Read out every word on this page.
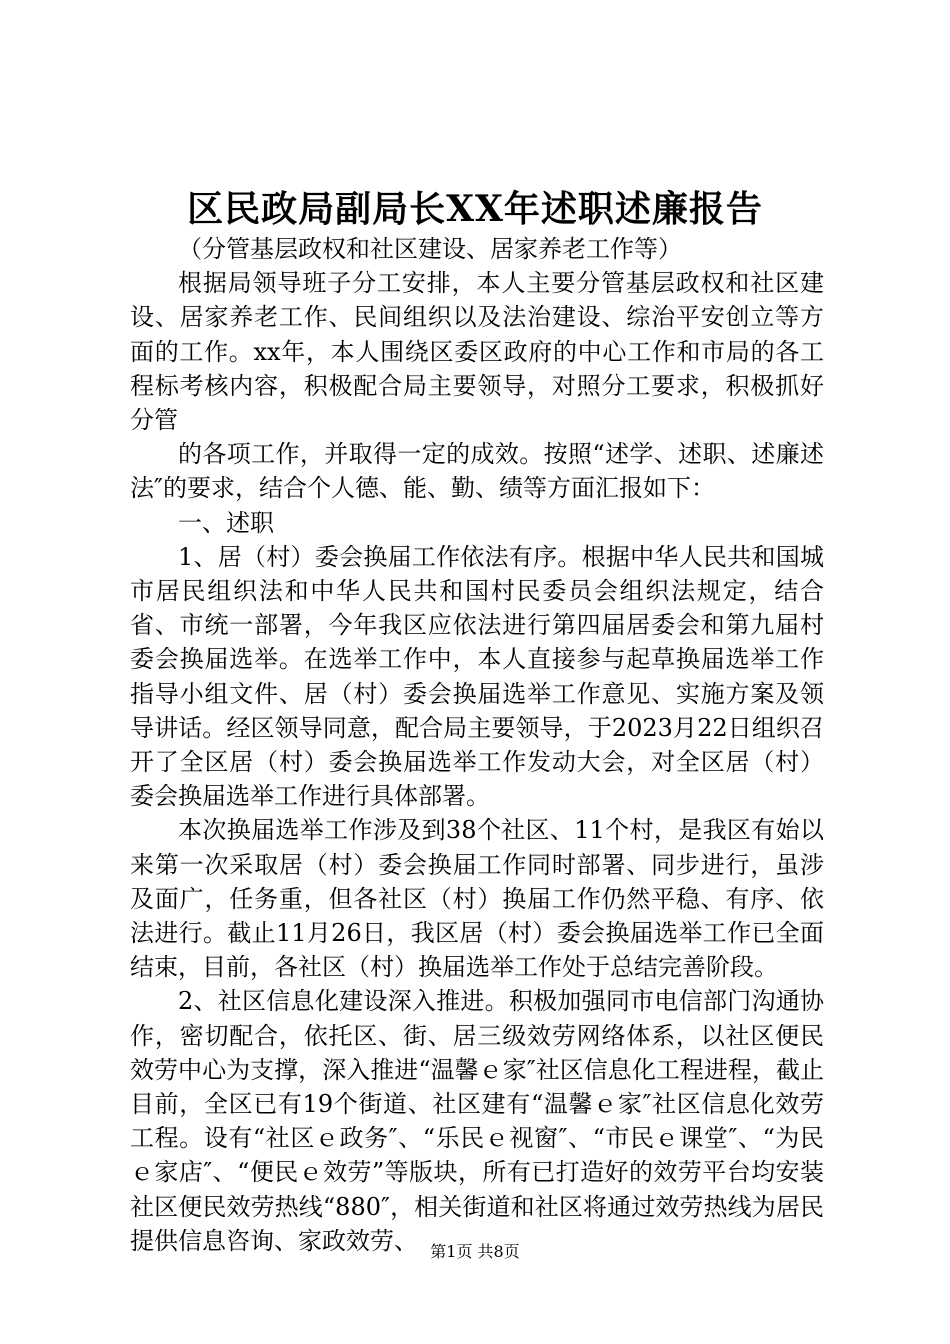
区民政局副局长XX年述职述廉报告

（分管基层政权和社区建设、居家养老工作等）

根据局领导班子分工安排，本人主要分管基层政权和社区建设、居家养老工作、民间组织以及法治建设、综治平安创立等方面的工作。xx年，本人围绕区委区政府的中心工作和市局的各工程标考核内容，积极配合局主要领导，对照分工要求，积极抓好分管

的各项工作，并取得一定的成效。按照“述学、述职、述廉述法″的要求，结合个人德、能、勤、绩等方面汇报如下：

一、述职

1、居（村）委会换届工作依法有序。根据中华人民共和国城市居民组织法和中华人民共和国村民委员会组织法规定，结合省、市统一部署，今年我区应依法进行第四届居委会和第九届村委会换届选举。在选举工作中，本人直接参与起草换届选举工作指导小组文件、居（村）委会换届选举工作意见、实施方案及领导讲话。经区领导同意，配合局主要领导，于2023月22日组织召开了全区居（村）委会换届选举工作发动大会，对全区居（村）委会换届选举工作进行具体部署。

本次换届选举工作涉及到38个社区、11个村，是我区有始以来第一次采取居（村）委会换届工作同时部署、同步进行，虽涉及面广，任务重，但各社区（村）换届工作仍然平稳、有序、依法进行。截止11月26日，我区居（村）委会换届选举工作已全面结束，目前，各社区（村）换届选举工作处于总结完善阶段。

2、社区信息化建设深入推进。积极加强同市电信部门沟通协作，密切配合，依托区、街、居三级效劳网络体系，以社区便民效劳中心为支撑，深入推进“温馨ｅ家″社区信息化工程进程，截止目前，全区已有19个街道、社区建有“温馨ｅ家″社区信息化效劳工程。设有“社区ｅ政务″、“乐民ｅ视窗″、“市民ｅ课堂″、“为民ｅ家店″、“便民ｅ效劳”等版块，所有已打造好的效劳平台均安装社区便民效劳热线“880″，相关街道和社区将通过效劳热线为居民提供信息咨询、家政效劳、 第1页 共8页
